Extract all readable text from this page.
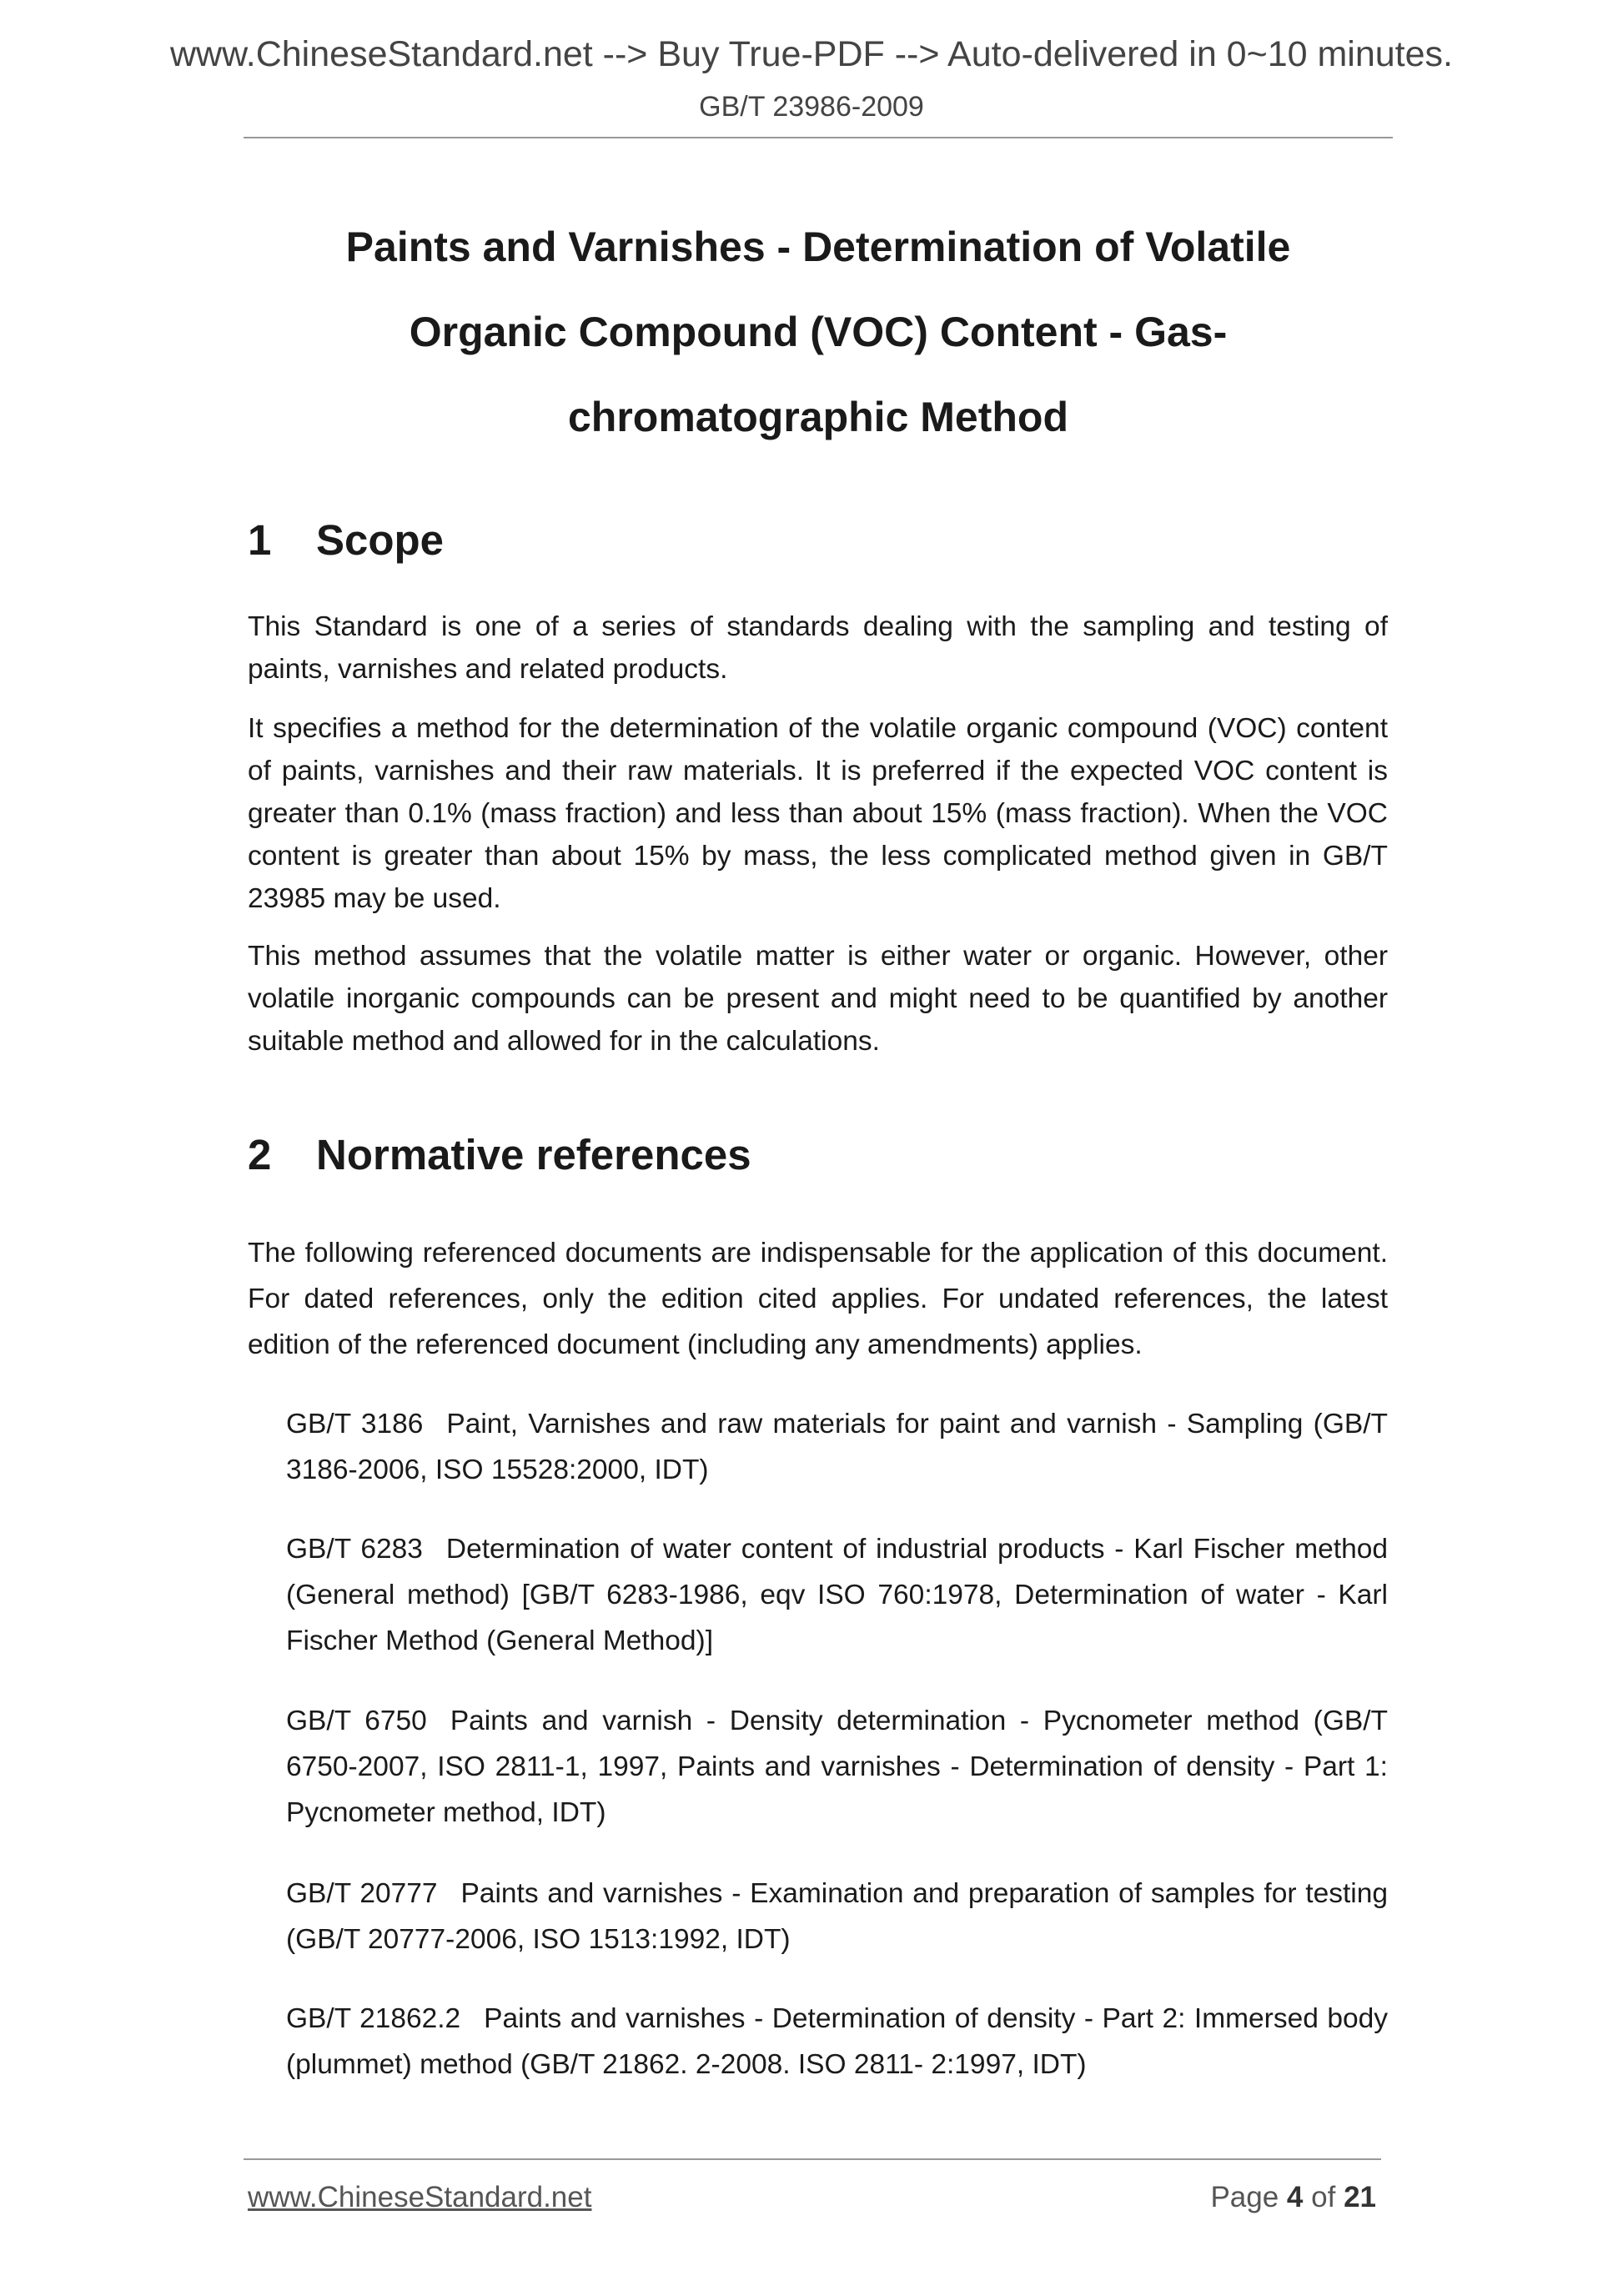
www.ChineseStandard.net --> Buy True-PDF --> Auto-delivered in 0~10 minutes.
GB/T 23986-2009
Paints and Varnishes - Determination of Volatile
Organic Compound (VOC) Content - Gas-
chromatographic Method
1 Scope
This Standard is one of a series of standards dealing with the sampling and testing of paints, varnishes and related products.
It specifies a method for the determination of the volatile organic compound (VOC) content of paints, varnishes and their raw materials. It is preferred if the expected VOC content is greater than 0.1% (mass fraction) and less than about 15% (mass fraction). When the VOC content is greater than about 15% by mass, the less complicated method given in GB/T 23985 may be used.
This method assumes that the volatile matter is either water or organic. However, other volatile inorganic compounds can be present and might need to be quantified by another suitable method and allowed for in the calculations.
2 Normative references
The following referenced documents are indispensable for the application of this document. For dated references, only the edition cited applies. For undated references, the latest edition of the referenced document (including any amendments) applies.
GB/T 3186 Paint, Varnishes and raw materials for paint and varnish - Sampling (GB/T 3186-2006, ISO 15528:2000, IDT)
GB/T 6283 Determination of water content of industrial products - Karl Fischer method (General method) [GB/T 6283-1986, eqv ISO 760:1978, Determination of water - Karl Fischer Method (General Method)]
GB/T 6750 Paints and varnish - Density determination - Pycnometer method (GB/T 6750-2007, ISO 2811-1, 1997, Paints and varnishes - Determination of density - Part 1: Pycnometer method, IDT)
GB/T 20777 Paints and varnishes - Examination and preparation of samples for testing (GB/T 20777-2006, ISO 1513:1992, IDT)
GB/T 21862.2 Paints and varnishes - Determination of density - Part 2: Immersed body (plummet) method (GB/T 21862. 2-2008. ISO 2811- 2:1997, IDT)
www.ChineseStandard.net	Page 4 of 21
